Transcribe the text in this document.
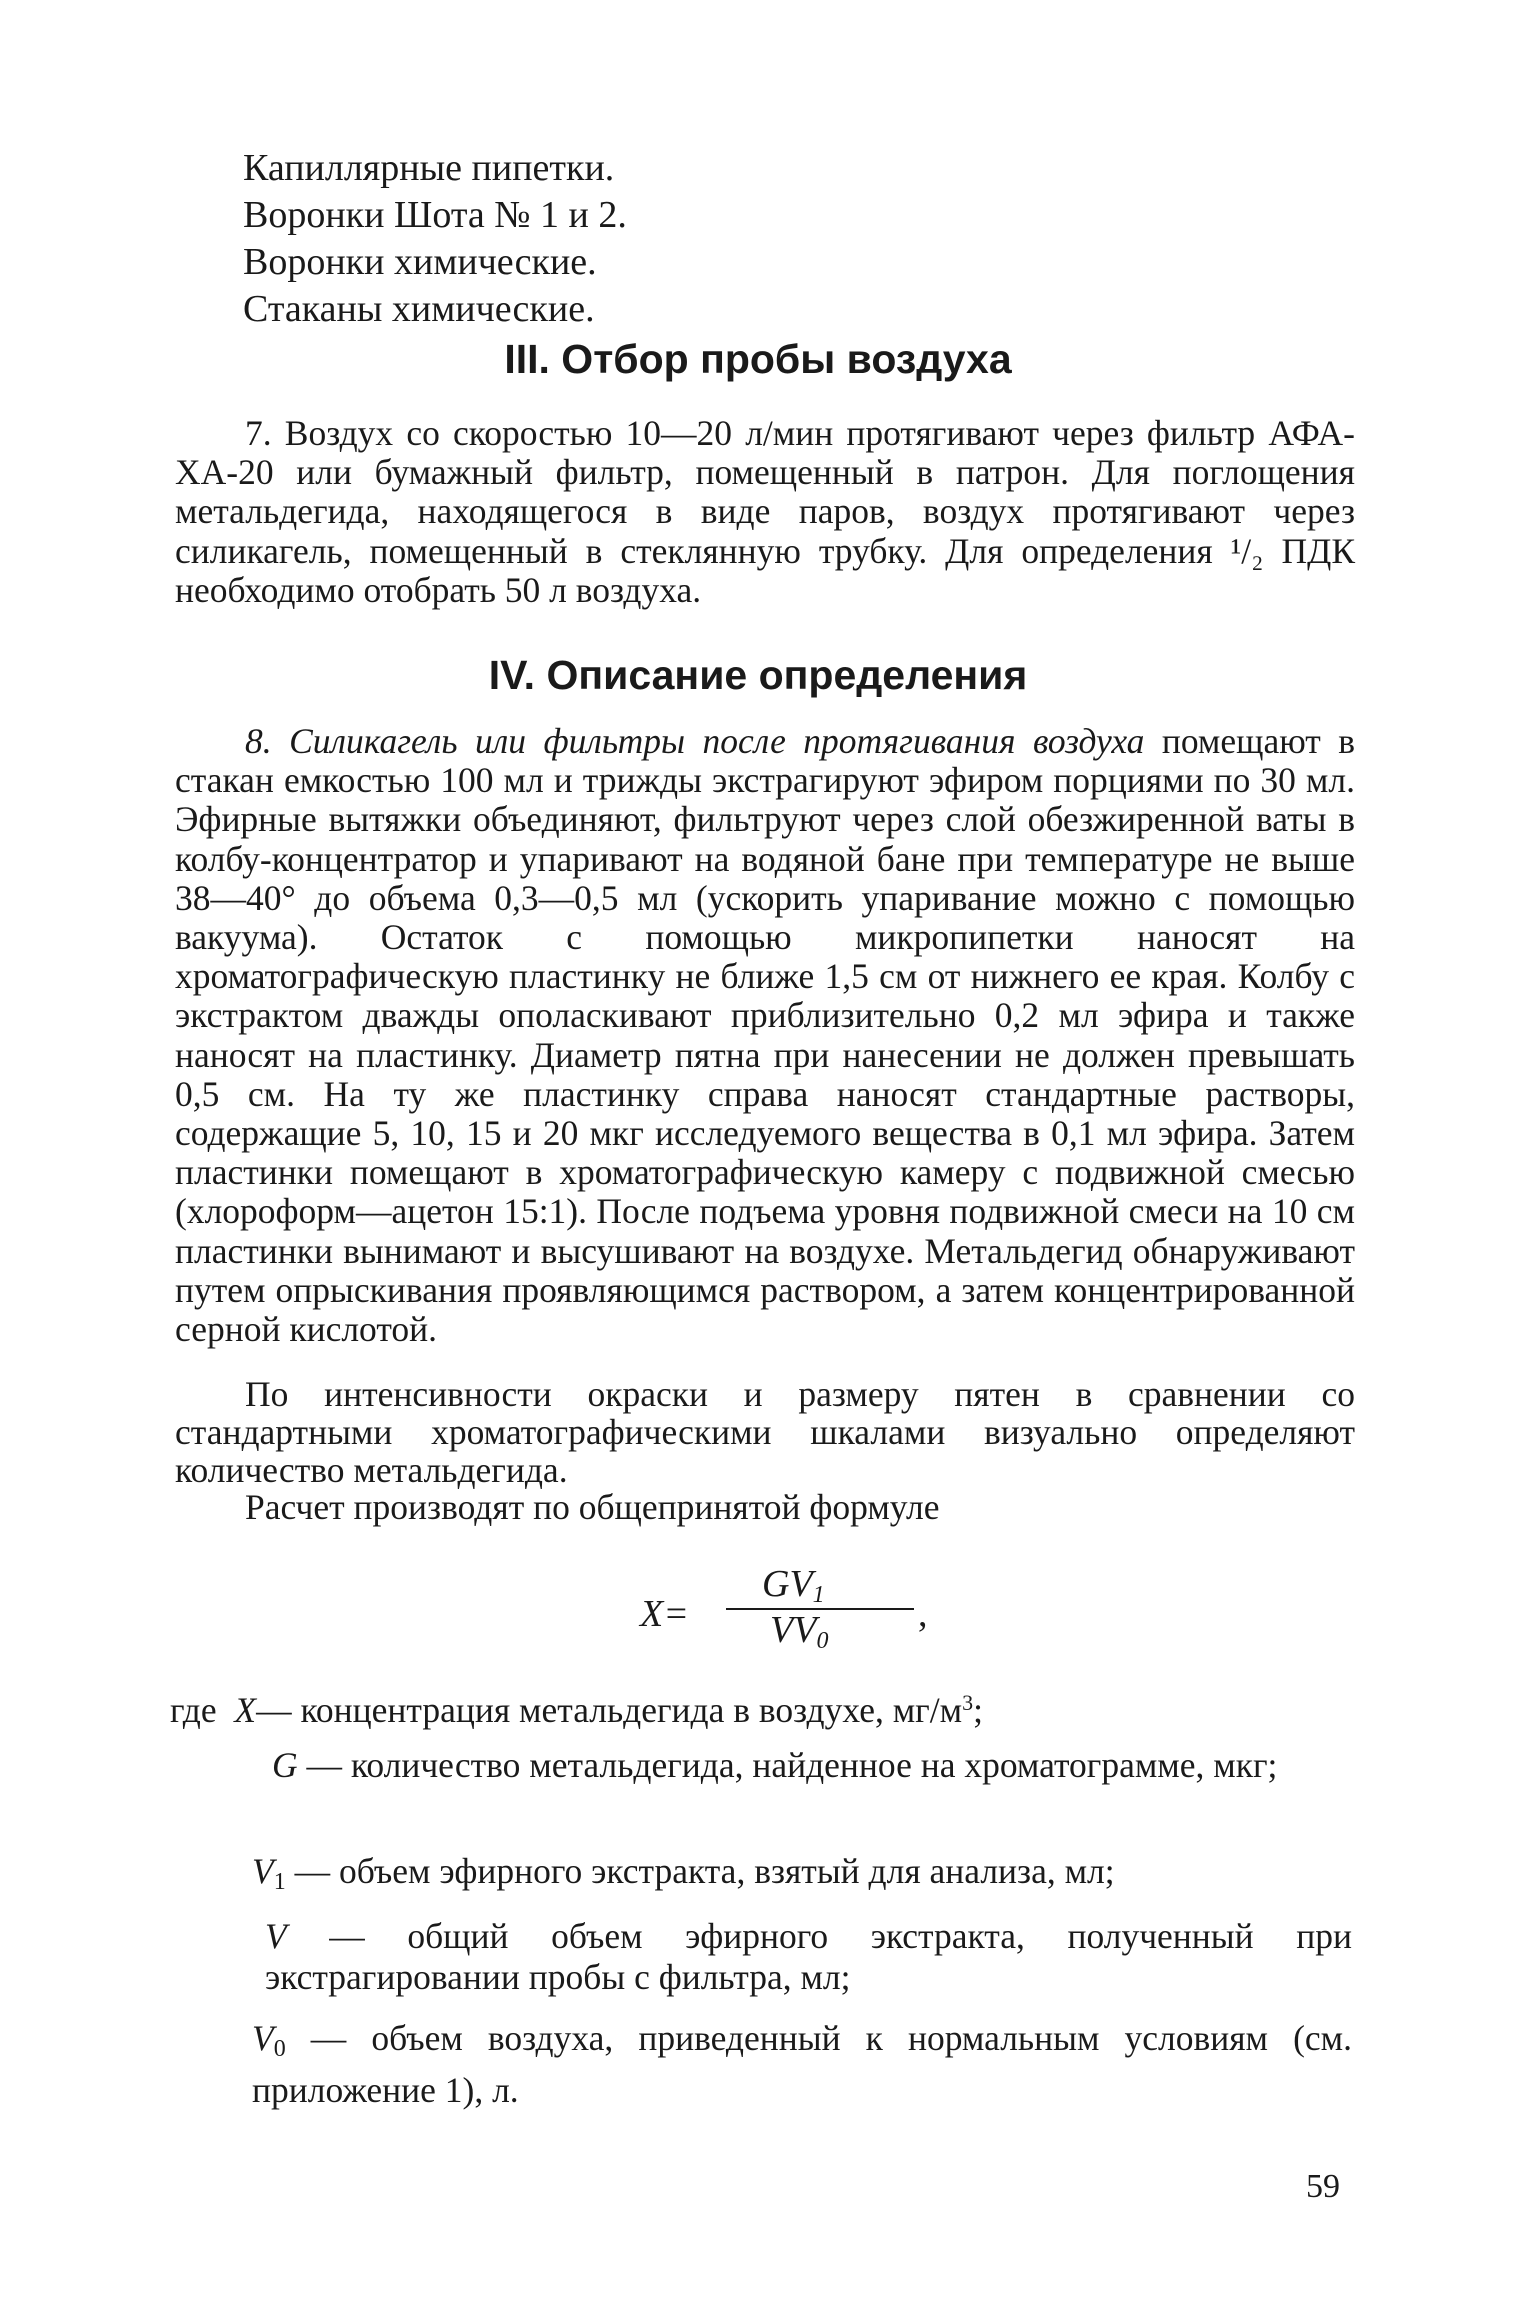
Капиллярные пипетки.

Воронки Шота № 1 и 2.

Воронки химические.

Стаканы химические.

III. Отбор пробы воздуха

7. Воздух со скоростью 10—20 л/мин протягивают через фильтр АФА-ХА-20 или бумажный фильтр, помещенный в патрон. Для поглощения метальдегида, находящегося в виде паров, воздух протягивают через силикагель, помещенный в стеклянную трубку. Для определения ¹/₂ ПДК необходимо отобрать 50 л воздуха.

IV. Описание определения

8. Силикагель или фильтры после протягивания воздуха помещают в стакан емкостью 100 мл и трижды экстрагируют эфиром порциями по 30 мл. Эфирные вытяжки объединяют, фильтруют через слой обезжиренной ваты в колбу-концентратор и упаривают на водяной бане при температуре не выше 38—40° до объема 0,3—0,5 мл (ускорить упаривание можно с помощью вакуума). Остаток с помощью микропипетки наносят на хроматографическую пластинку не ближе 1,5 см от нижнего ее края. Колбу с экстрактом дважды ополаскивают приблизительно 0,2 мл эфира и также наносят на пластинку. Диаметр пятна при нанесении не должен превышать 0,5 см. На ту же пластинку справа наносят стандартные растворы, содержащие 5, 10, 15 и 20 мкг исследуемого вещества в 0,1 мл эфира. Затем пластинки помещают в хроматографическую камеру с подвижной смесью (хлороформ—ацетон 15:1). После подъема уровня подвижной смеси на 10 см пластинки вынимают и высушивают на воздухе. Метальдегид обнаруживают путем опрыскивания проявляющимся раствором, а затем концентрированной серной кислотой.

По интенсивности окраски и размеру пятен в сравнении со стандартными хроматографическими шкалами визуально определяют количество метальдегида.

Расчет производят по общепринятой формуле

X=
$GV_1$
$VV_0$
,

где X— концентрация метальдегида в воздухе, $мг/м^3$;

G — количество метальдегида, найденное на хроматограмме, мкг;

$V_1$ — объем эфирного экстракта, взятый для анализа, мл;

V — общий объем эфирного экстракта, полученный при экстрагировании пробы с фильтра, мл;

$V_0$ — объем воздуха, приведенный к нормальным условиям (см. приложение 1), л.

59
